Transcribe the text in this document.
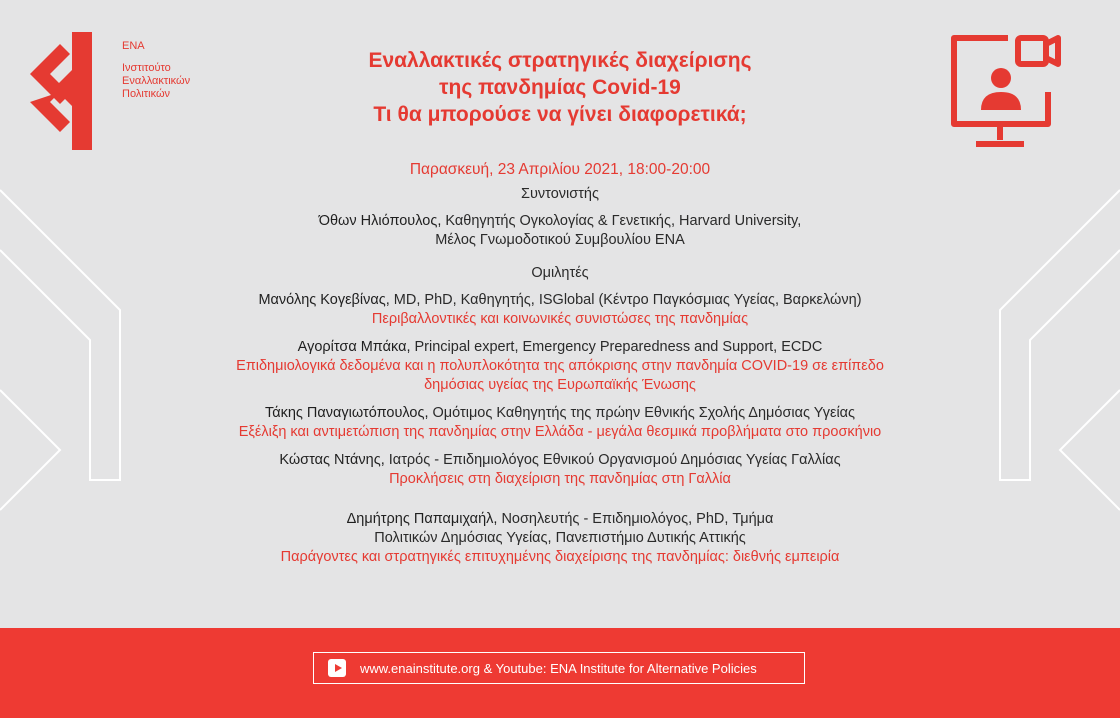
ΕΝΑ
Ινστιτούτο
Εναλλακτικών
Πολιτικών
Εναλλακτικές στρατηγικές διαχείρισης
της πανδημίας Covid-19
Τι θα μπορούσε να γίνει διαφορετικά;
Παρασκευή, 23 Απριλίου 2021, 18:00-20:00
Συντονιστής
Όθων Ηλιόπουλος, Καθηγητής Ογκολογίας & Γενετικής, Harvard University,
Μέλος Γνωμοδοτικού Συμβουλίου ΕΝΑ
Ομιλητές
Μανόλης Κογεβίνας, MD, PhD, Καθηγητής, ISGlobal (Κέντρο Παγκόσμιας Υγείας, Βαρκελώνη)
Περιβαλλοντικές και κοινωνικές συνιστώσες της πανδημίας
Αγορίτσα Μπάκα, Principal expert, Emergency Preparedness and Support, ECDC
Επιδημιολογικά δεδομένα και η πολυπλοκότητα της απόκρισης στην πανδημία COVID-19 σε επίπεδο
δημόσιας υγείας της Ευρωπαϊκής Ένωσης
Τάκης Παναγιωτόπουλος, Ομότιμος Καθηγητής της πρώην Εθνικής Σχολής Δημόσιας Υγείας
Εξέλιξη και αντιμετώπιση της πανδημίας στην Ελλάδα - μεγάλα θεσμικά προβλήματα στο προσκήνιο
Κώστας Ντάνης, Ιατρός - Επιδημιολόγος Εθνικού Οργανισμού Δημόσιας Υγείας Γαλλίας
Προκλήσεις στη διαχείριση της πανδημίας στη Γαλλία
Δημήτρης Παπαμιχαήλ, Νοσηλευτής - Επιδημιολόγος, PhD, Τμήμα
Πολιτικών Δημόσιας Υγείας, Πανεπιστήμιο Δυτικής Αττικής
Παράγοντες και στρατηγικές επιτυχημένης διαχείρισης της πανδημίας: διεθνής εμπειρία
www.enainstitute.org & Youtube: ENA Institute for Alternative Policies
